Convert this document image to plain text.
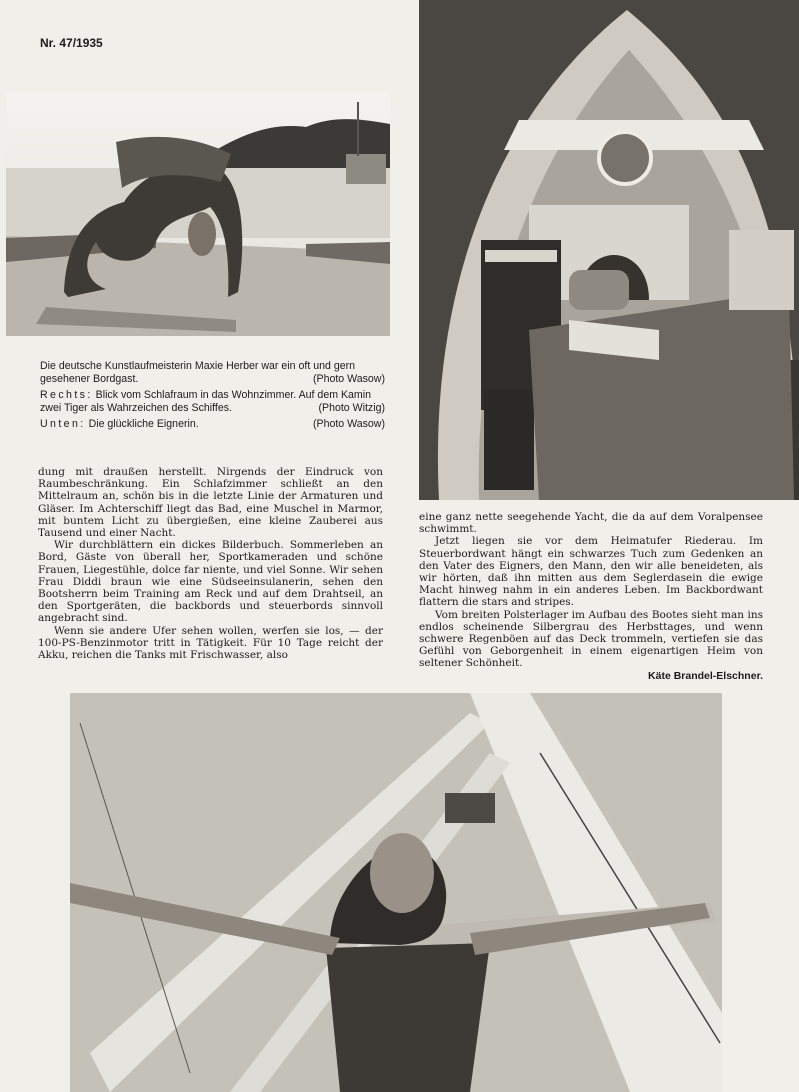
Nr. 47/1935

Die deutsche Kunstlaufmeisterin Maxie Herber war ein oft und gern gesehener Bordgast.	(Photo Wasow)

Rechts: Blick vom Schlafraum in das Wohnzimmer. Auf dem Kamin zwei Tiger als Wahrzeichen des Schiffes.	(Photo Witzig)

Unten: Die glückliche Eignerin.	(Photo Wasow)

dung mit draußen herstellt. Nirgends der Eindruck von Raumbeschränkung. Ein Schlafzimmer schließt an den Mittelraum an, schön bis in die letzte Linie der Armaturen und Gläser. Im Achterschiff liegt das Bad, eine Muschel in Marmor, mit buntem Licht zu übergießen, eine kleine Zauberei aus Tausend und einer Nacht.

Wir durchblättern ein dickes Bilderbuch. Sommerleben an Bord, Gäste von überall her, Sportkameraden und schöne Frauen, Liegestühle, dolce far niente, und viel Sonne. Wir sehen Frau Diddi braun wie eine Südseeinsulanerin, sehen den Bootsherrn beim Training am Reck und auf dem Drahtseil, an den Sportgeräten, die backbords und steuerbords sinnvoll angebracht sind.

Wenn sie andere Ufer sehen wollen, werfen sie los, — der 100-PS-Benzinmotor tritt in Tätigkeit. Für 10 Tage reicht der Akku, reichen die Tanks mit Frischwasser, also

eine ganz nette seegehende Yacht, die da auf dem Voralpensee schwimmt.

Jetzt liegen sie vor dem Heimatufer Riederau. Im Steuerbordwant hängt ein schwarzes Tuch zum Gedenken an den Vater des Eigners, den Mann, den wir alle beneideten, als wir hörten, daß ihn mitten aus dem Seglerdasein die ewige Macht hinweg nahm in ein anderes Leben. Im Backbordwant flattern die stars and stripes.

Vom breiten Polsterlager im Aufbau des Bootes sieht man ins endlos scheinende Silbergrau des Herbsttages, und wenn schwere Regenböen auf das Deck trommeln, vertiefen sie das Gefühl von Geborgenheit in einem eigenartigen Heim von seltener Schönheit.

Käte Brandel-Elschner.
